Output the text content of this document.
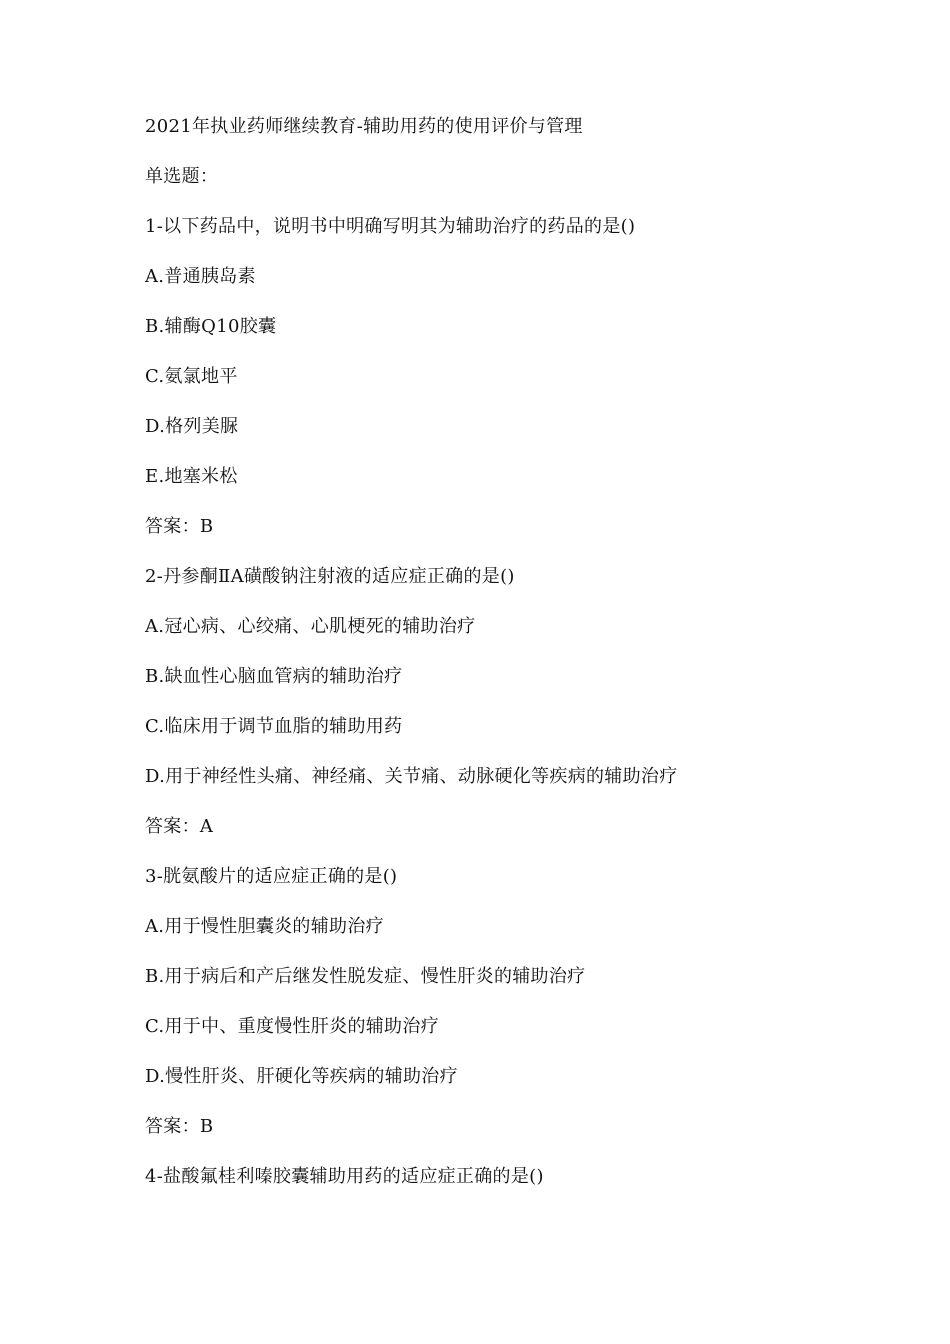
2021年执业药师继续教育-辅助用药的使用评价与管理
单选题：
1-以下药品中，说明书中明确写明其为辅助治疗的药品的是()
A.普通胰岛素
B.辅酶Q10胶囊
C.氨氯地平
D.格列美脲
E.地塞米松
答案：B
2-丹参酮ⅡA磺酸钠注射液的适应症正确的是()
A.冠心病、心绞痛、心肌梗死的辅助治疗
B.缺血性心脑血管病的辅助治疗
C.临床用于调节血脂的辅助用药
D.用于神经性头痛、神经痛、关节痛、动脉硬化等疾病的辅助治疗
答案：A
3-胱氨酸片的适应症正确的是()
A.用于慢性胆囊炎的辅助治疗
B.用于病后和产后继发性脱发症、慢性肝炎的辅助治疗
C.用于中、重度慢性肝炎的辅助治疗
D.慢性肝炎、肝硬化等疾病的辅助治疗
答案：B
4-盐酸氟桂利嗪胶囊辅助用药的适应症正确的是()
